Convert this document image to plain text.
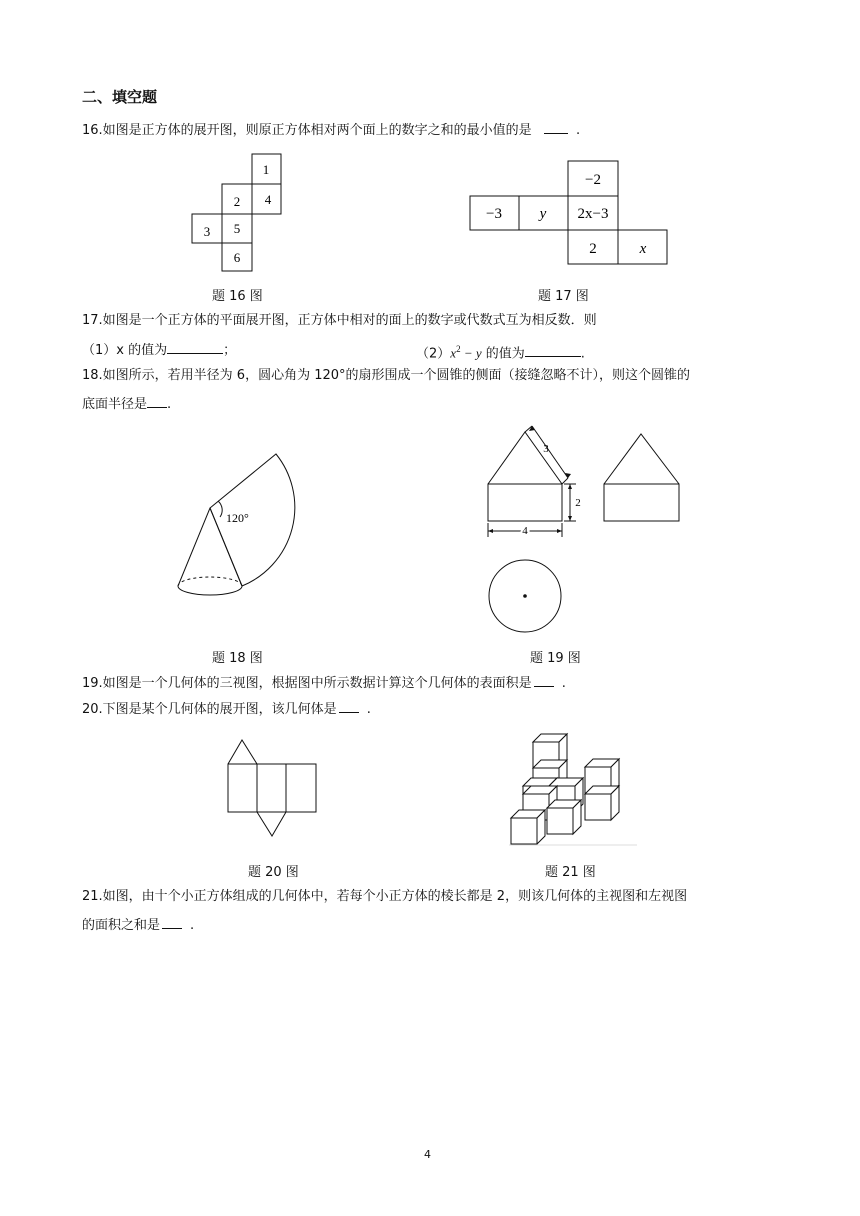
二、填空题
16.如图是正方体的展开图，则原正方体相对两个面上的数字之和的最小值的是	.
1
2 4
3 5
6
题 16 图
−2
−3	y 2x−3
2	x
题 17 图
17.如图是一个正方体的平面展开图，正方体中相对的面上的数字或代数式互为相反数．则
（1）x 的值为	；	$(2)x^2 - y$ 的值为	.
18.如图所示，若用半径为 6，圆心角为 120°的扇形围成一个圆锥的侧面（接缝忽略不计），则这个圆锥的
底面半径是 .
120°
题 18 图
3
2
4
题 19 图
19.如图是一个几何体的三视图，根据图中所示数据计算这个几何体的表面积是 .
20.下图是某个几何体的展开图，该几何体是 .
题 20 图	题 21 图
21.如图，由十个小正方体组成的几何体中，若每个小正方体的棱长都是 2，则该几何体的主视图和左视图
的面积之和是 .
4
